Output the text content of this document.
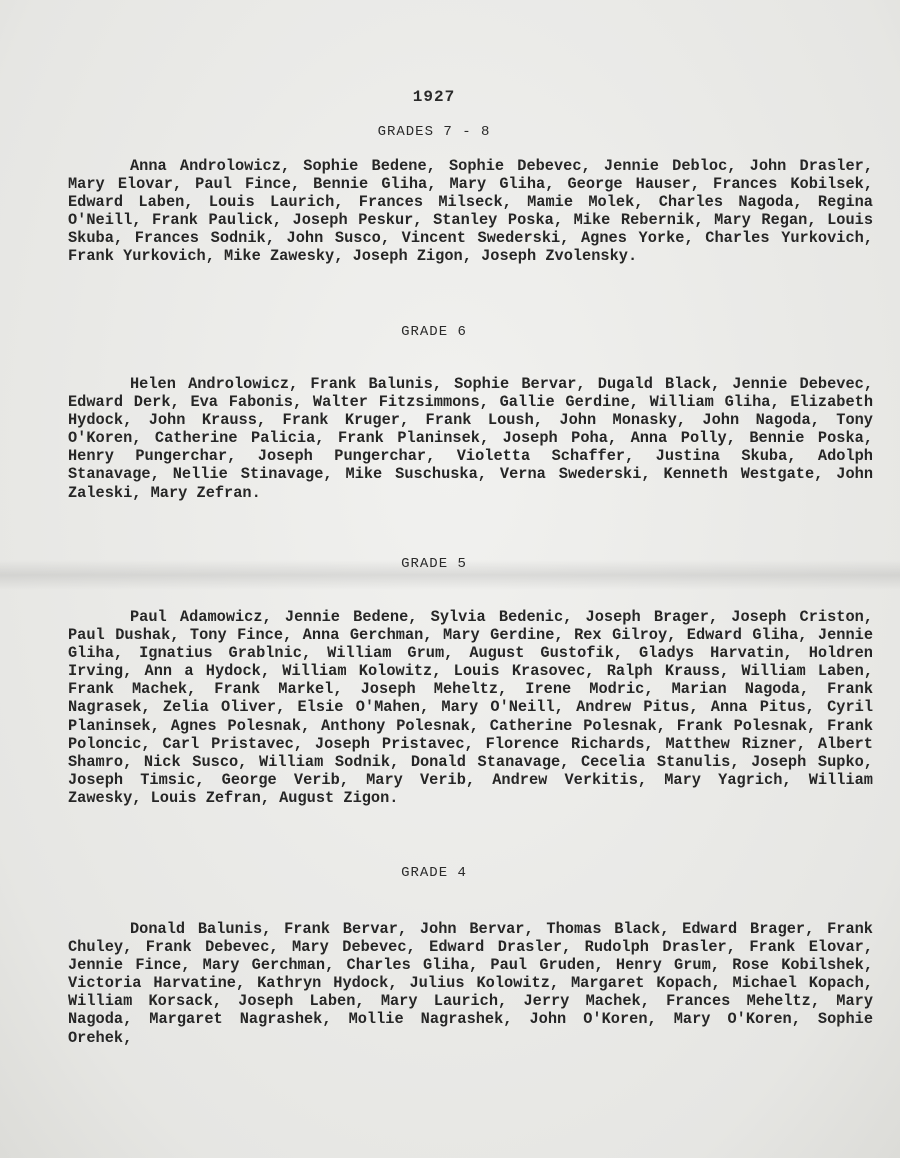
1927
GRADES 7 - 8
Anna Androlowicz, Sophie Bedene, Sophie Debevec, Jennie Debloc, John Drasler, Mary Elovar, Paul Fince, Bennie Gliha, Mary Gliha, George Hauser, Frances Kobilsek, Edward Laben, Louis Laurich, Frances Milseck, Mamie Molek, Charles Nagoda, Regina O'Neill, Frank Paulick, Joseph Peskur, Stanley Poska, Mike Rebernik, Mary Regan, Louis Skuba, Frances Sodnik, John Susco, Vincent Swederski, Agnes Yorke, Charles Yurkovich, Frank Yurkovich, Mike Zawesky, Joseph Zigon, Joseph Zvolensky.
GRADE 6
Helen Androlowicz, Frank Balunis, Sophie Bervar, Dugald Black, Jennie Debevec, Edward Derk, Eva Fabonis, Walter Fitzsimmons, Gallie Gerdine, William Gliha, Elizabeth Hydock, John Krauss, Frank Kruger, Frank Loush, John Monasky, John Nagoda, Tony O'Koren, Catherine Palicia, Frank Planinsek, Joseph Poha, Anna Polly, Bennie Poska, Henry Pungerchar, Joseph Pungerchar, Violetta Schaffer, Justina Skuba, Adolph Stanavage, Nellie Stinavage, Mike Suschuska, Verna Swederski, Kenneth Westgate, John Zaleski, Mary Zefran.
GRADE 5
Paul Adamowicz, Jennie Bedene, Sylvia Bedenic, Joseph Brager, Joseph Criston, Paul Dushak, Tony Fince, Anna Gerchman, Mary Gerdine, Rex Gilroy, Edward Gliha, Jennie Gliha, Ignatius Grablnic, William Grum, August Gustofik, Gladys Harvatin, Holdren Irving, Ann a Hydock, William Kolowitz, Louis Krasovec, Ralph Krauss, William Laben, Frank Machek, Frank Markel, Joseph Meheltz, Irene Modric, Marian Nagoda, Frank Nagrasek, Zelia Oliver, Elsie O'Mahen, Mary O'Neill, Andrew Pitus, Anna Pitus, Cyril Planinsek, Agnes Polesnak, Anthony Polesnak, Catherine Polesnak, Frank Polesnak, Frank Poloncic, Carl Pristavec, Joseph Pristavec, Florence Richards, Matthew Rizner, Albert Shamro, Nick Susco, William Sodnik, Donald Stanavage, Cecelia Stanulis, Joseph Supko, Joseph Timsic, George Verib, Mary Verib, Andrew Verkitis, Mary Yagrich, William Zawesky, Louis Zefran, August Zigon.
GRADE 4
Donald Balunis, Frank Bervar, John Bervar, Thomas Black, Edward Brager, Frank Chuley, Frank Debevec, Mary Debevec, Edward Drasler, Rudolph Drasler, Frank Elovar, Jennie Fince, Mary Gerchman, Charles Gliha, Paul Gruden, Henry Grum, Rose Kobilshek, Victoria Harvatine, Kathryn Hydock, Julius Kolowitz, Margaret Kopach, Michael Kopach, William Korsack, Joseph Laben, Mary Laurich, Jerry Machek, Frances Meheltz, Mary Nagoda, Margaret Nagrashek, Mollie Nagrashek, John O'Koren, Mary O'Koren, Sophie Orehek,
